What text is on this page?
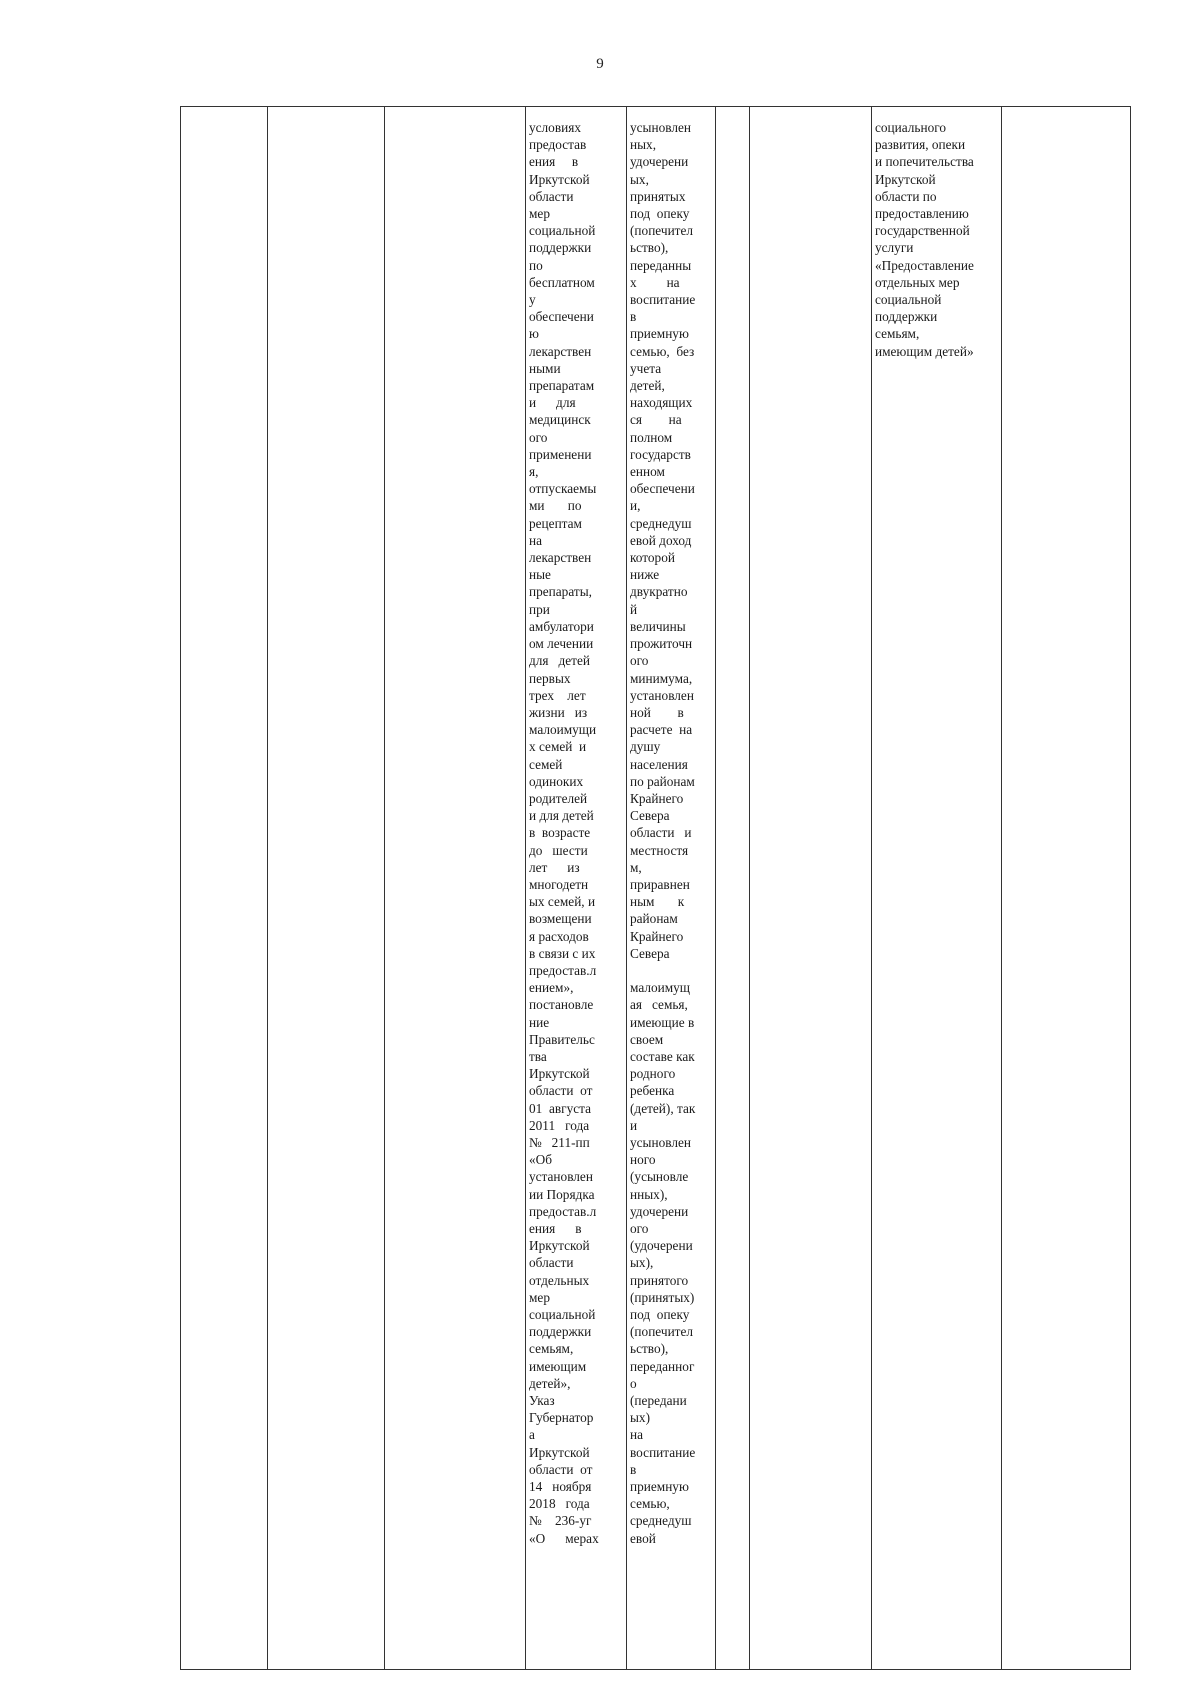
9

условиях
предостав
ения     в
Иркутской
области
мер
социальной
поддержки
по
бесплатном
у
обеспечени
ю
лекарствен
ными
препаратам
и      для
медицинск
ого
применени
я,
отпускаемы
ми       по
рецептам
на
лекарствен
ные
препараты,
при
амбулатори
ом лечении
для   детей
первых
трех    лет
жизни   из
малоимущи
х семей  и
семей
одиноких
родителей
и для детей
в  возрасте
до   шести
лет      из
многодетн
ых семей, и
возмещени
я расходов
в связи с их
предостав.л
ением»,
постановле
ние
Правительс
тва
Иркутской
области  от
01  августа
2011   года
№   211-пп
«Об
установлен
ии Порядка
предостав.л
ения      в
Иркутской
области
отдельных
мер
социальной
поддержки
семьям,
имеющим
детей»,
Указ
Губернатор
а
Иркутской
области  от
14   ноября
2018   года
№    236-уг
«О      мерах

усыновлен
ных,
удочерени
ых,
принятых
под  опеку
(попечител
ьство),
переданны
х         на
воспитание
в
приемную
семью,  без
учета
детей,
находящих
ся        на
полном
государств
енном
обеспечени
и,
среднедуш
евой доход
которой
ниже
двукратно
й
величины
прожиточн
ого
минимума,
установлен
ной        в
расчете  на
душу
населения
по районам
Крайнего
Севера
области   и
местностя
м,
приравнен
ным       к
районам
Крайнего
Севера

малоимущ
ая   семья,
имеющие в
своем
составе как
родного
ребенка
(детей), так
и
усыновлен
ного
(усыновле
нных),
удочерени
ого
(удочерени
ых),
принятого
(принятых)
под  опеку
(попечител
ьство),
переданног
о
(передани
ых)
на
воспитание
в
приемную
семью,
среднедуш
евой

социального
развития, опеки
и попечительства
Иркутской
области по
предоставлению
государственной
услуги
«Предоставление
отдельных мер
социальной
поддержки
семьям,
имеющим детей»
